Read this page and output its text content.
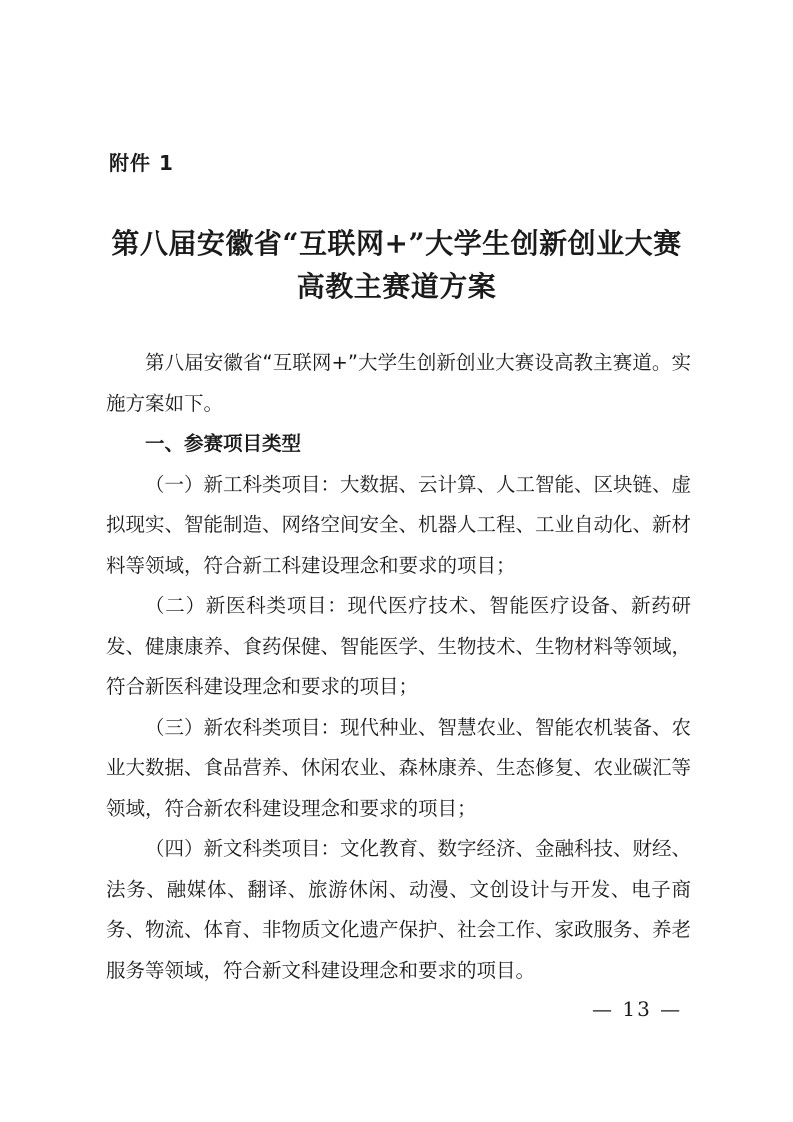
附件 1
第八届安徽省“互联网+”大学生创新创业大赛
高教主赛道方案

第八届安徽省“互联网+”大学生创新创业大赛设高教主赛道。实施方案如下。

一、参赛项目类型

（一）新工科类项目：大数据、云计算、人工智能、区块链、虚拟现实、智能制造、网络空间安全、机器人工程、工业自动化、新材料等领域，符合新工科建设理念和要求的项目；

（二）新医科类项目：现代医疗技术、智能医疗设备、新药研发、健康康养、食药保健、智能医学、生物技术、生物材料等领域，符合新医科建设理念和要求的项目；

（三）新农科类项目：现代种业、智慧农业、智能农机装备、农业大数据、食品营养、休闲农业、森林康养、生态修复、农业碳汇等领域，符合新农科建设理念和要求的项目；

（四）新文科类项目：文化教育、数字经济、金融科技、财经、法务、融媒体、翻译、旅游休闲、动漫、文创设计与开发、电子商务、物流、体育、非物质文化遗产保护、社会工作、家政服务、养老服务等领域，符合新文科建设理念和要求的项目。

— 13 —
